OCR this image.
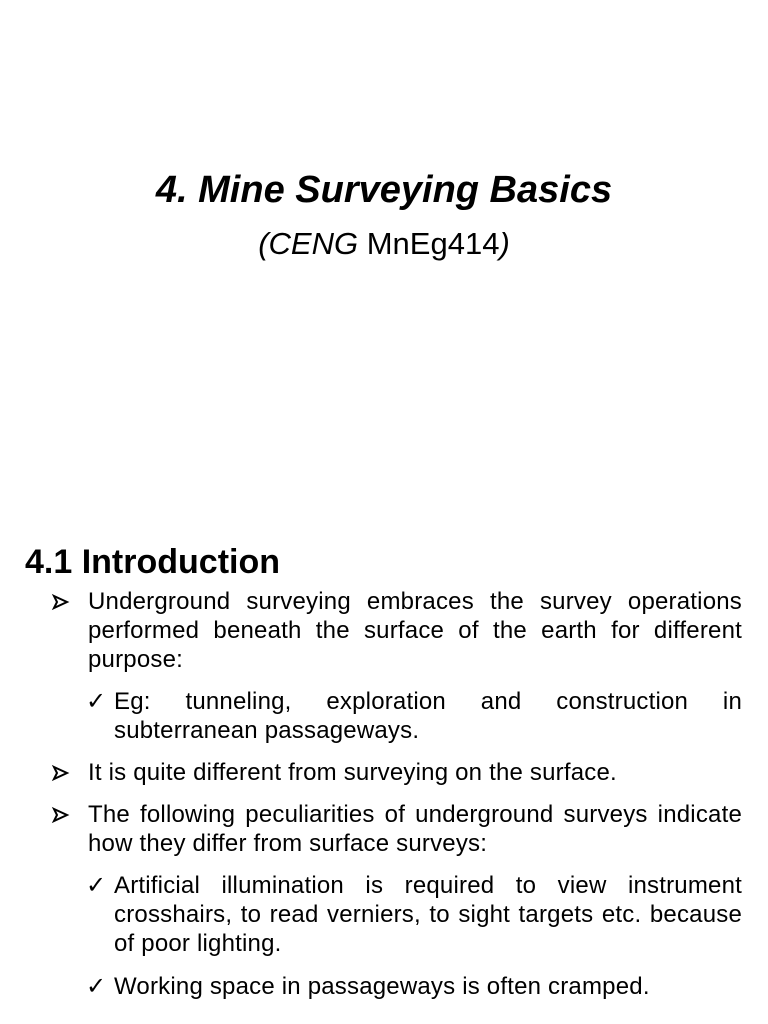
4. Mine Surveying Basics
(CENG MnEg414)
4.1 Introduction
Underground surveying embraces the survey operations performed beneath the surface of the earth for different purpose:
✓ Eg: tunneling, exploration and construction in subterranean passageways.
It is quite different from surveying on the surface.
The following peculiarities of underground surveys indicate how they differ from surface surveys:
✓ Artificial illumination is required to view instrument crosshairs, to read verniers, to sight targets etc. because of poor lighting.
✓ Working space in passageways is often cramped.
